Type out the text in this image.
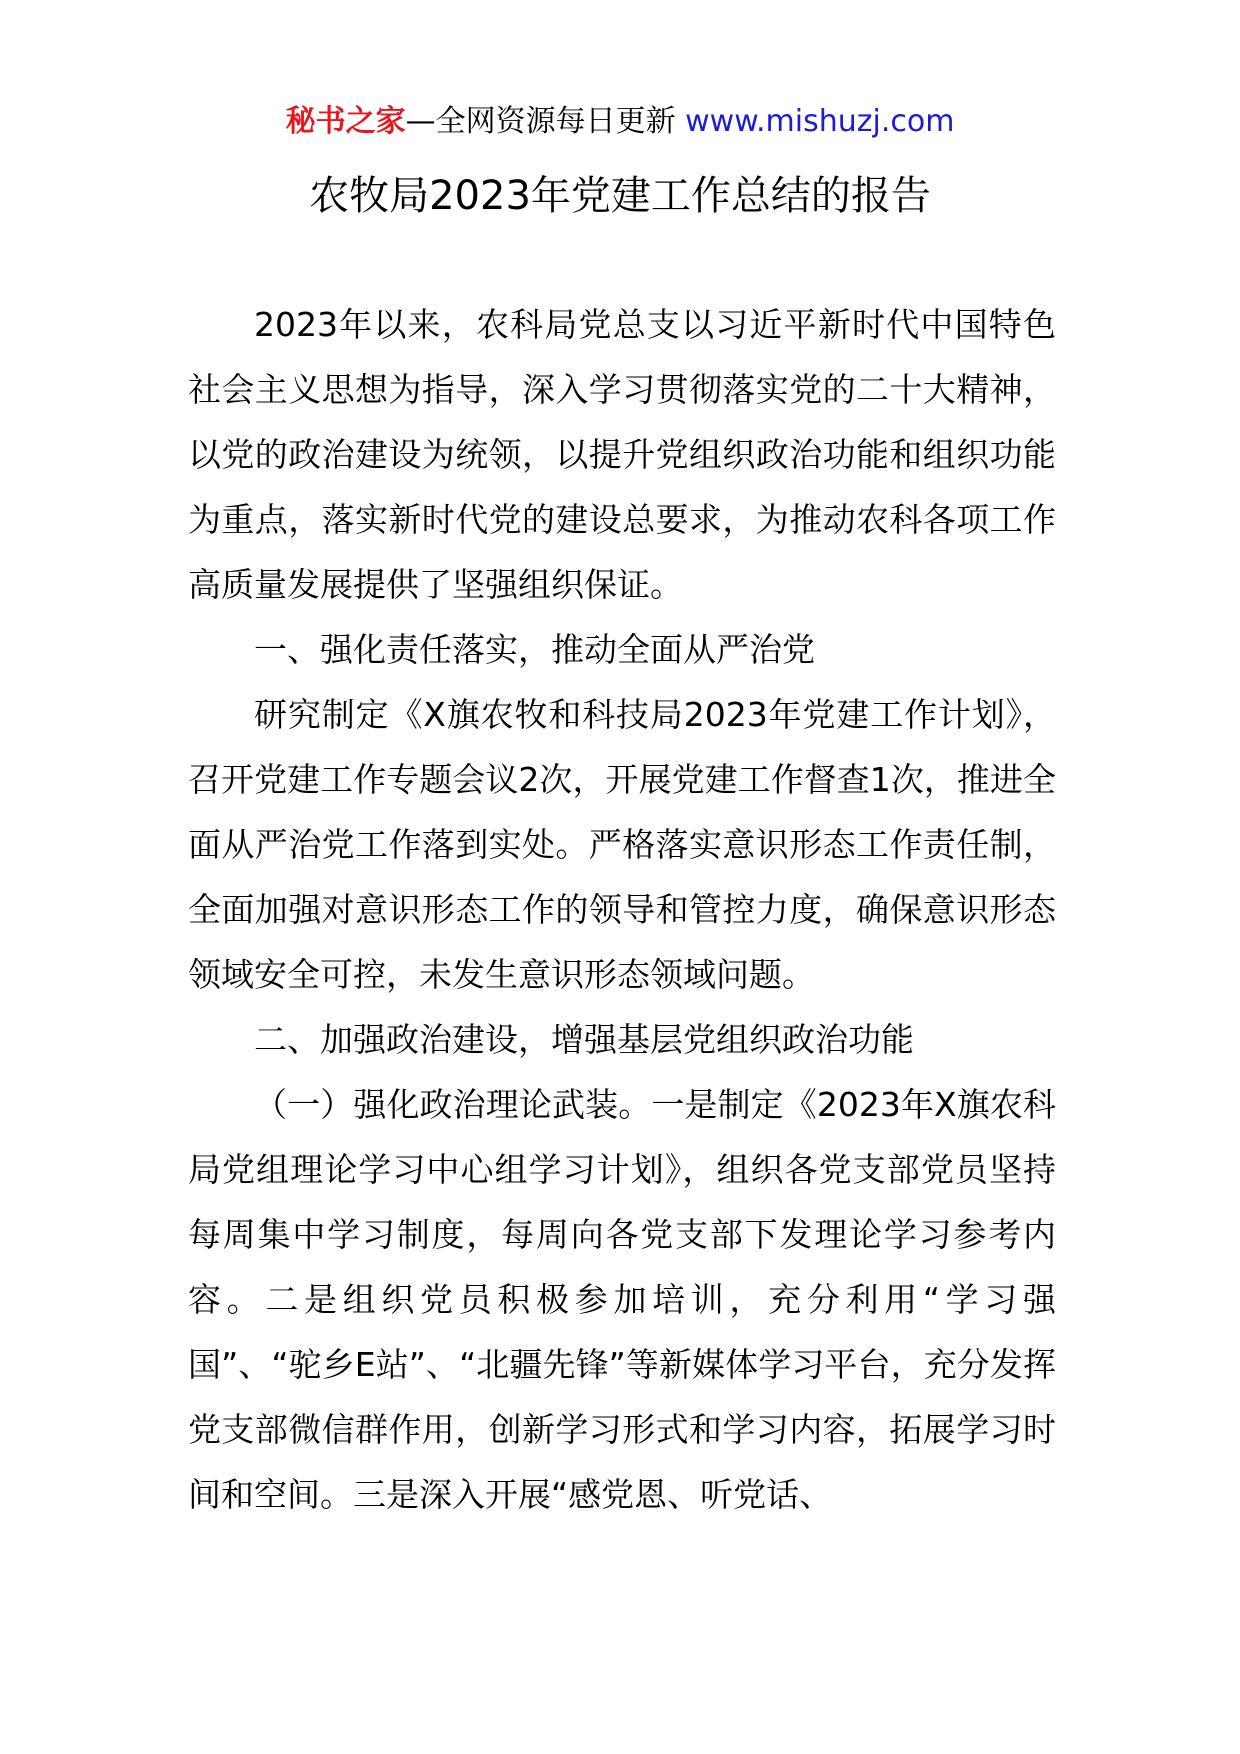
秘书之家—全网资源每日更新 www.mishuzj.com
农牧局2023年党建工作总结的报告

2023年以来，农科局党总支以习近平新时代中国特色社会主义思想为指导，深入学习贯彻落实党的二十大精神，以党的政治建设为统领，以提升党组织政治功能和组织功能为重点，落实新时代党的建设总要求，为推动农科各项工作高质量发展提供了坚强组织保证。

一、强化责任落实，推动全面从严治党

研究制定《X旗农牧和科技局2023年党建工作计划》，召开党建工作专题会议2次，开展党建工作督查1次，推进全面从严治党工作落到实处。严格落实意识形态工作责任制，全面加强对意识形态工作的领导和管控力度，确保意识形态领域安全可控，未发生意识形态领域问题。

二、加强政治建设，增强基层党组织政治功能

（一）强化政治理论武装。一是制定《2023年X旗农科局党组理论学习中心组学习计划》，组织各党支部党员坚持每周集中学习制度，每周向各党支部下发理论学习参考内容。二是组织党员积极参加培训，充分利用“学习强国”、“驼乡E站”、“北疆先锋”等新媒体学习平台，充分发挥党支部微信群作用，创新学习形式和学习内容，拓展学习时间和空间。三是深入开展“感党恩、听党话、
